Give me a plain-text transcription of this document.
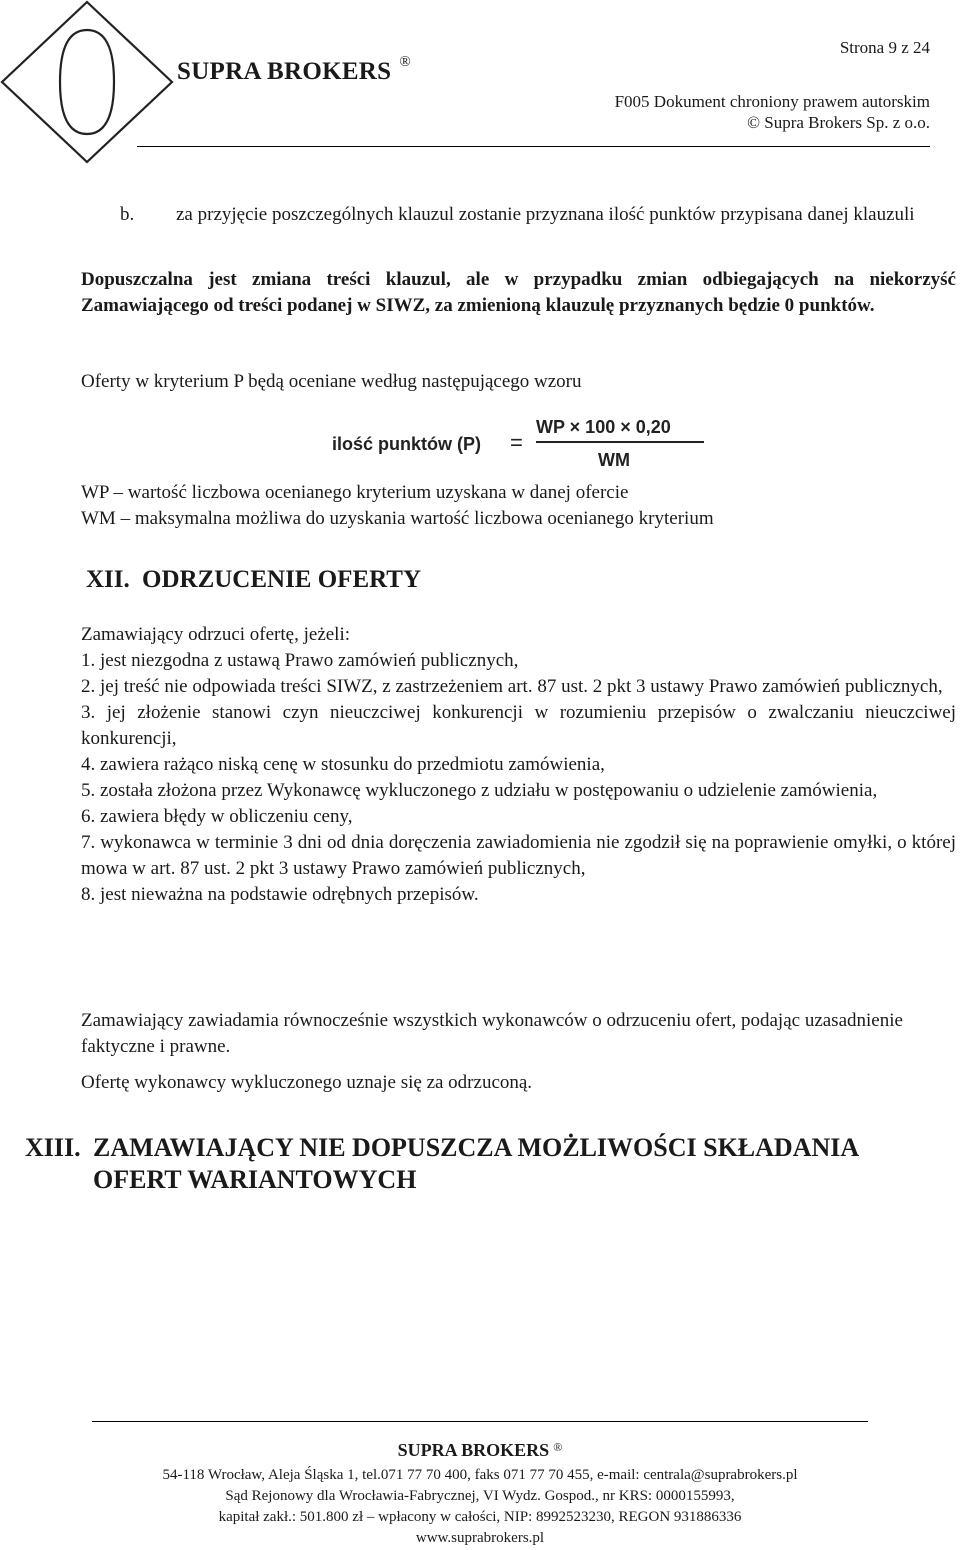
SUPRA BROKERS ®
Strona 9 z 24
F005 Dokument chroniony prawem autorskim
© Supra Brokers Sp. z o.o.
b. za przyjęcie poszczególnych klauzul zostanie przyznana ilość punktów przypisana danej klauzuli
Dopuszczalna jest zmiana treści klauzul, ale w przypadku zmian odbiegających na niekorzyść Zamawiającego od treści podanej w SIWZ, za zmienioną klauzulę przyznanych będzie 0 punktów.
Oferty w kryterium P będą oceniane według następującego wzoru
ilość punktów (P) =
WP × 100 × 0,20
WM
WP – wartość liczbowa ocenianego kryterium uzyskana w danej ofercie
WM – maksymalna możliwa do uzyskania wartość liczbowa ocenianego kryterium
XII. ODRZUCENIE OFERTY
Zamawiający odrzuci ofertę, jeżeli:
1. jest niezgodna z ustawą Prawo zamówień publicznych,
2. jej treść nie odpowiada treści SIWZ, z zastrzeżeniem art. 87 ust. 2 pkt 3 ustawy Prawo zamówień publicznych,
3. jej złożenie stanowi czyn nieuczciwej konkurencji w rozumieniu przepisów o zwalczaniu nieuczciwej konkurencji,
4. zawiera rażąco niską cenę w stosunku do przedmiotu zamówienia,
5. została złożona przez Wykonawcę wykluczonego z udziału w postępowaniu o udzielenie zamówienia,
6. zawiera błędy w obliczeniu ceny,
7. wykonawca w terminie 3 dni od dnia doręczenia zawiadomienia nie zgodził się na poprawienie omyłki, o której mowa w art. 87 ust. 2 pkt 3 ustawy Prawo zamówień publicznych,
8. jest nieważna na podstawie odrębnych przepisów.
Zamawiający zawiadamia równocześnie wszystkich wykonawców o odrzuceniu ofert, podając uzasadnienie faktyczne i prawne.
Ofertę wykonawcy wykluczonego uznaje się za odrzuconą.
XIII. ZAMAWIAJĄCY NIE DOPUSZCZA MOŻLIWOŚCI SKŁADANIA
OFERT WARIANTOWYCH
SUPRA BROKERS ®
54-118 Wrocław, Aleja Śląska 1, tel.071 77 70 400, faks 071 77 70 455, e-mail: centrala@suprabrokers.pl
Sąd Rejonowy dla Wrocławia-Fabrycznej, VI Wydz. Gospod., nr KRS: 0000155993,
kapitał zakł.: 501.800 zł – wpłacony w całości, NIP: 8992523230, REGON 931886336
www.suprabrokers.pl
